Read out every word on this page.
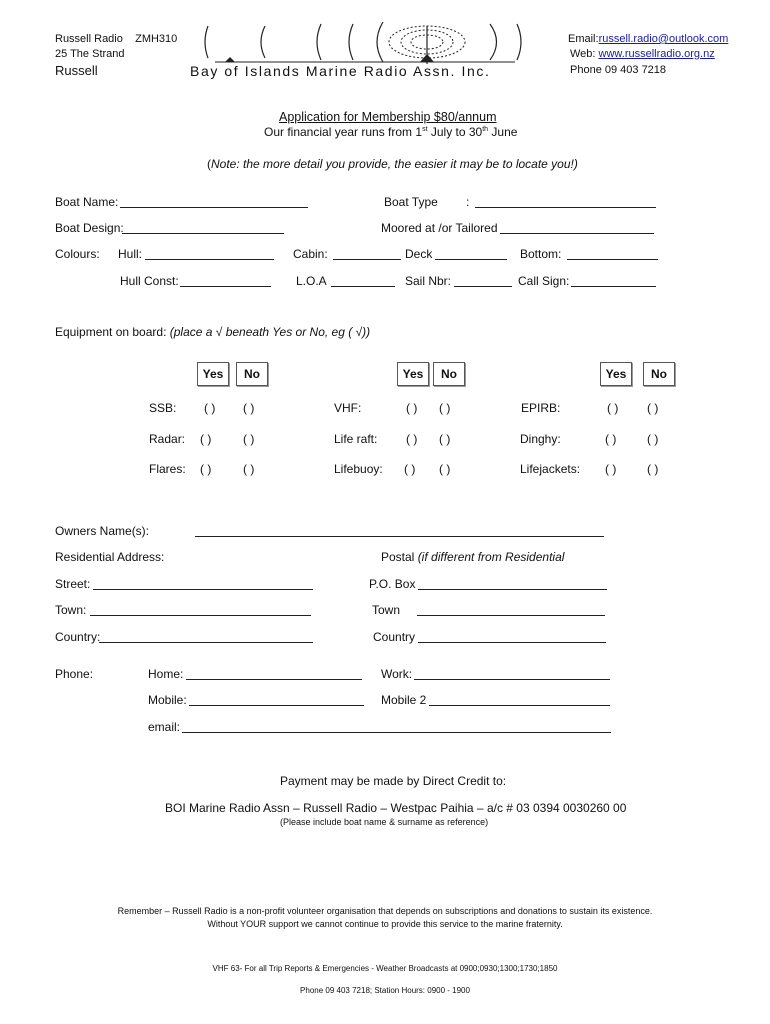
Russell Radio ZMH310
25 The Strand
Russell	Bay of Islands Marine Radio Assn. Inc.
Email:russell.radio@outlook.com
Web: www.russellradio.org.nz
Phone 09 403 7218
Application for Membership $80/annum
Our financial year runs from 1st July to 30th June
(Note: the more detail you provide, the easier it may be to locate you!)
Boat Name:	Boat Type :
Boat Design:	Moored at /or Tailored
Colours: Hull:	Cabin:	Deck	Bottom:
Hull Const:	L.O.A	Sail Nbr:	Call Sign:
Equipment on board: (place a √ beneath Yes or No, eg ( √))
Yes	No	Yes	No	Yes	No
SSB: ( ) ( )	VHF:	( ) ( )	EPIRB:	( ) ( )
Radar: ( )	( )	Life raft: ( ) ( )	Dinghy:	( )	( )
Flares: ( )	( )	Lifebuoy: ( ) ( )	Lifejackets: ( )	( )
Owners Name(s):
Residential Address:	Postal (if different from Residential
Street:	P.O. Box
Town:	Town
Country:	Country
Phone:	Home:	Work:
Mobile:	Mobile 2
email:
Payment may be made by Direct Credit to:
BOI Marine Radio Assn – Russell Radio – Westpac Paihia – a/c # 03 0394 0030260 00
(Please include boat name & surname as reference)
Remember – Russell Radio is a non-profit volunteer organisation that depends on subscriptions and donations to sustain its existence.
Without YOUR support we cannot continue to provide this service to the marine fraternity.
VHF 63- For all Trip Reports & Emergencies - Weather Broadcasts at 0900;0930;1300;1730;1850
Phone 09 403 7218; Station Hours: 0900 - 1900
